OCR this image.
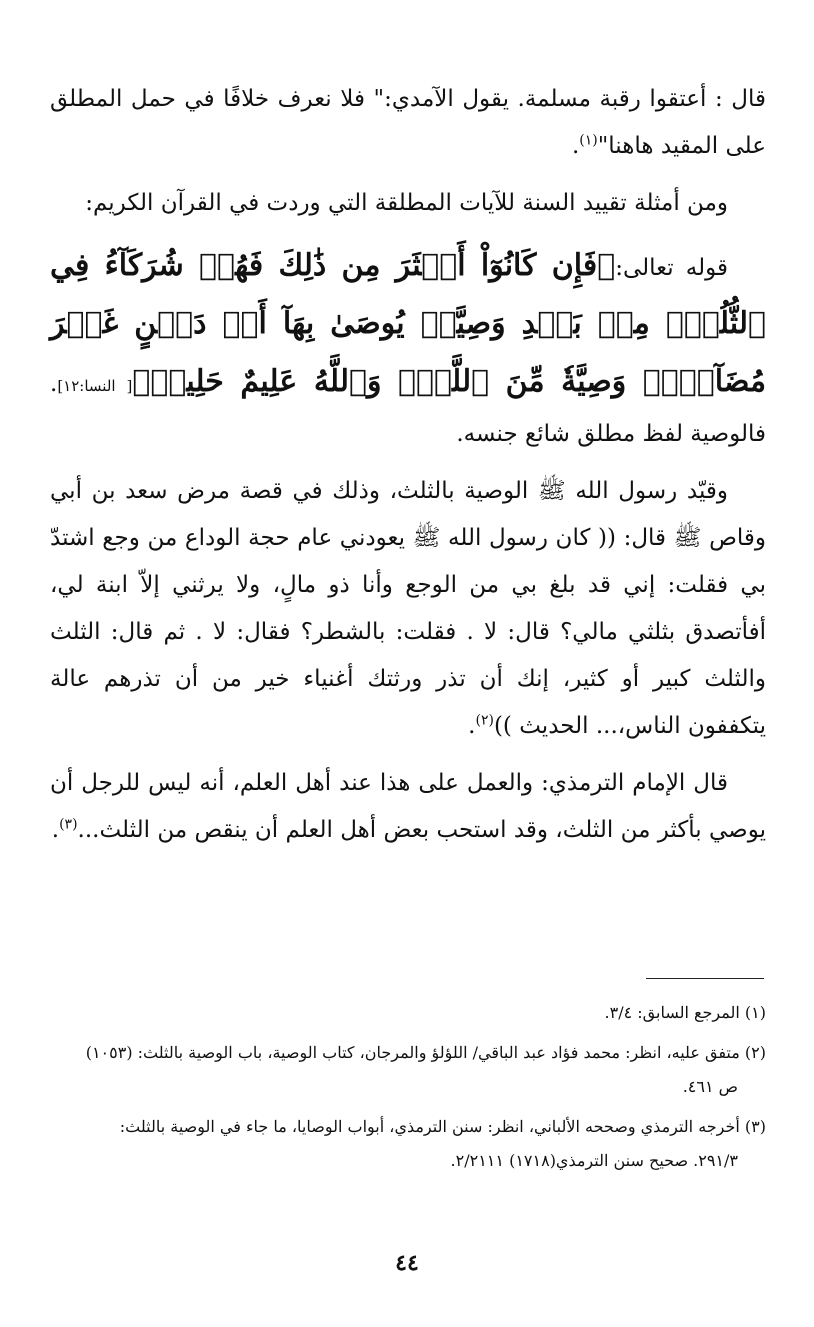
قال : أعتقوا رقبة مسلمة. يقول الآمدي:" فلا نعرف خلافًا في حمل المطلق على المقيد هاهنا"$^{(١)}$.

ومن أمثلة تقييد السنة للآيات المطلقة التي وردت في القرآن الكريم:

قوله تعالى:﴿فَإِن كَانُوٓاْ أَكۡثَرَ مِن ذَٰلِكَ فَهُمۡ شُرَكَآءُ فِي ٱلثُّلُثِۚ مِنۢ بَعۡدِ وَصِيَّةٖ يُوصَىٰ بِهَآ أَوۡ دَيۡنٍ غَيۡرَ مُضَآرّٖۚ وَصِيَّةٗ مِّنَ ٱللَّهِۗ وَٱللَّهُ عَلِيمٌ حَلِيمٞ﴾[ النسا:١٢]. فالوصية لفظ مطلق شائع جنسه.

وقيّد رسول الله ﷺ الوصية بالثلث، وذلك في قصة مرض سعد بن أبي وقاص ﷺ قال: (( كان رسول الله ﷺ يعودني عام حجة الوداع من وجع اشتدّ بي فقلت: إني قد بلغ بي من الوجع وأنا ذو مالٍ، ولا يرثني إلاّ ابنة لي، أفأتصدق بثلثي مالي؟ قال: لا . فقلت: بالشطر؟ فقال: لا . ثم قال: الثلث والثلث كبير أو كثير، إنك أن تذر ورثتك أغنياء خير من أن تذرهم عالة يتكففون الناس،... الحديث ))$^{(٢)}$.

قال الإمام الترمذي: والعمل على هذا عند أهل العلم، أنه ليس للرجل أن يوصي بأكثر من الثلث، وقد استحب بعض أهل العلم أن ينقص من الثلث...$^{(٣)}$.

(١) المرجع السابق: ٣/٤.

(٢) متفق عليه، انظر: محمد فؤاد عبد الباقي/ اللؤلؤ والمرجان، كتاب الوصية، باب الوصية بالثلث: (١٠٥٣)
ص ٤٦١.

(٣) أخرجه الترمذي وصححه الألباني، انظر: سنن الترمذي، أبواب الوصايا، ما جاء في الوصية بالثلث:
٢٩١/٣. صحيح سنن الترمذي(١٧١٨) ٢/٢١١١.

٤٤
